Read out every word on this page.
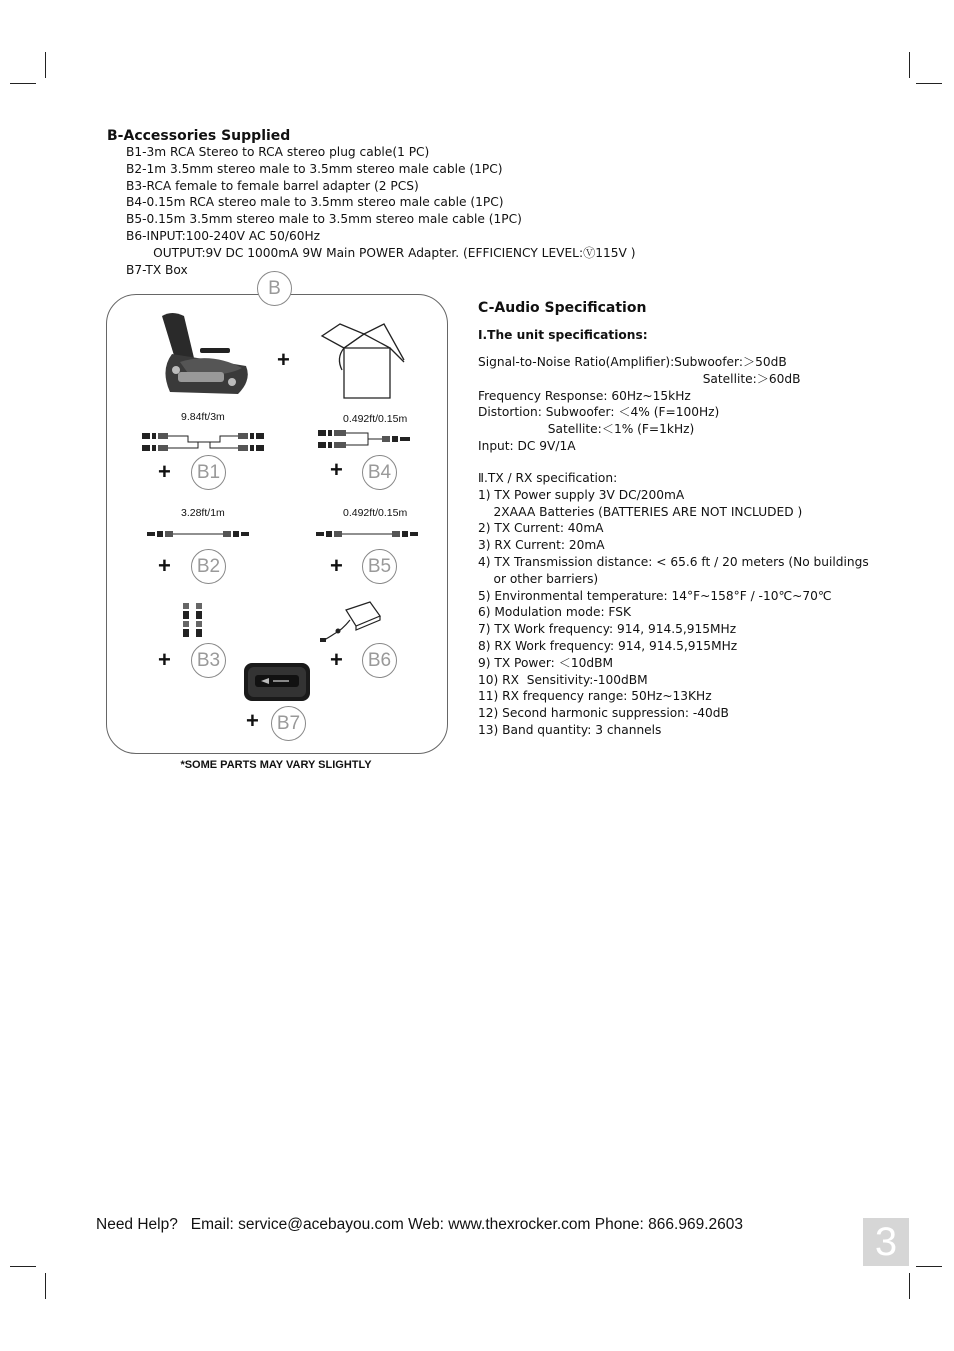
B-Accessories Supplied
B1-3m RCA Stereo to RCA stereo plug cable(1 PC)
B2-1m 3.5mm stereo male to 3.5mm stereo male cable (1PC)
B3-RCA female to female barrel adapter (2 PCS)
B4-0.15m RCA stereo male to 3.5mm stereo male cable (1PC)
B5-0.15m 3.5mm stereo male to 3.5mm stereo male cable (1PC)
B6-INPUT:100-240V AC 50/60Hz
OUTPUT:9V DC 1000mA 9W Main POWER Adapter. (EFFICIENCY LEVEL:Ⓥ115V )
B7-TX Box
B
+
9.84ft/3m	0.492ft/0.15m
+	B1	+	B4
3.28ft/1m	0.492ft/0.15m
+	B2	+	B5
+	B3	+	B6
+ B7
*SOME PARTS MAY VARY SLIGHTLY
C-Audio Specification
Ⅰ.The unit specifications:
Signal-to-Noise Ratio(Amplifier):Subwoofer:＞50dB
Satellite:＞60dB
Frequency Response: 60Hz~15kHz
Distortion: Subwoofer: ＜4% (F=100Hz)
Satellite:＜1% (F=1kHz)
Input: DC 9V/1A
Ⅱ.TX / RX specification:
1) TX Power supply 3V DC/200mA
2XAAA Batteries (BATTERIES ARE NOT INCLUDED )
2) TX Current: 40mA
3) RX Current: 20mA
4) TX Transmission distance: < 65.6 ft / 20 meters (No buildings
or other barriers)
5) Environmental temperature: 14°F~158°F / -10℃~70℃
6) Modulation mode: FSK
7) TX Work frequency: 914, 914.5,915MHz
8) RX Work frequency: 914, 914.5,915MHz
9) TX Power: ＜10dBM
10) RX  Sensitivity:-100dBM
11) RX frequency range: 50Hz~13KHz
12) Second harmonic suppression: -40dB
13) Band quantity: 3 channels
Need Help?   Email: service@acebayou.com Web: www.thexrocker.com Phone: 866.969.2603	3
